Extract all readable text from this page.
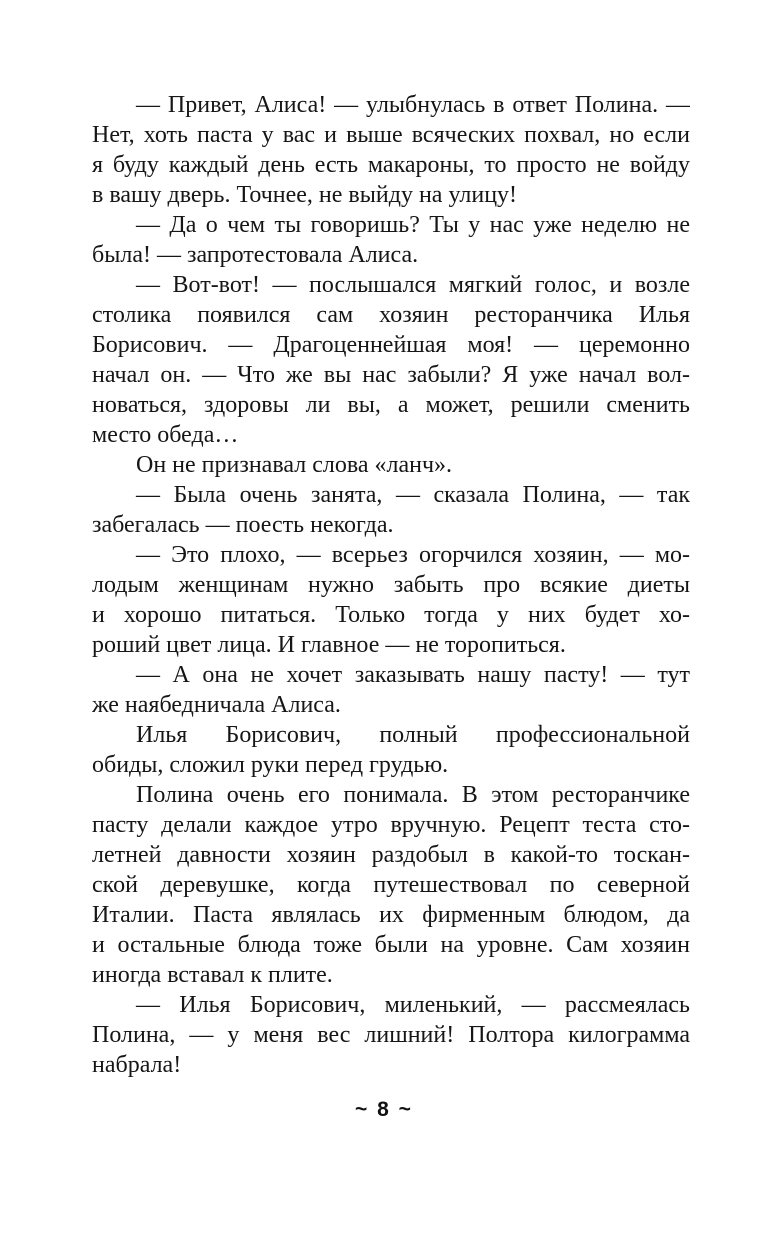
— Привет, Алиса! — улыбнулась в ответ Полина. —
Нет, хоть паста у вас и выше всяческих похвал, но если
я буду каждый день есть макароны, то просто не войду
в вашу дверь. Точнее, не выйду на улицу!
— Да о чем ты говоришь? Ты у нас уже неделю не
была! — запротестовала Алиса.
— Вот-вот! — послышался мягкий голос, и возле
столика появился сам хозяин ресторанчика Илья
Борисович. — Драгоценнейшая моя! — церемонно
начал он. — Что же вы нас забыли? Я уже начал вол-
новаться, здоровы ли вы, а может, решили сменить
место обеда…
Он не признавал слова «ланч».
— Была очень занята, — сказала Полина, — так
забегалась — поесть некогда.
— Это плохо, — всерьез огорчился хозяин, — мо-
лодым женщинам нужно забыть про всякие диеты
и хорошо питаться. Только тогда у них будет хо-
роший цвет лица. И главное — не торопиться.
— А она не хочет заказывать нашу пасту! — тут
же наябедничала Алиса.
Илья Борисович, полный профессиональной
обиды, сложил руки перед грудью.
Полина очень его понимала. В этом ресторанчике
пасту делали каждое утро вручную. Рецепт теста сто-
летней давности хозяин раздобыл в какой-то тоскан-
ской деревушке, когда путешествовал по северной
Италии. Паста являлась их фирменным блюдом, да
и остальные блюда тоже были на уровне. Сам хозяин
иногда вставал к плите.
— Илья Борисович, миленький, — рассмеялась
Полина, — у меня вес лишний! Полтора килограмма
набрала!
~ 8 ~
